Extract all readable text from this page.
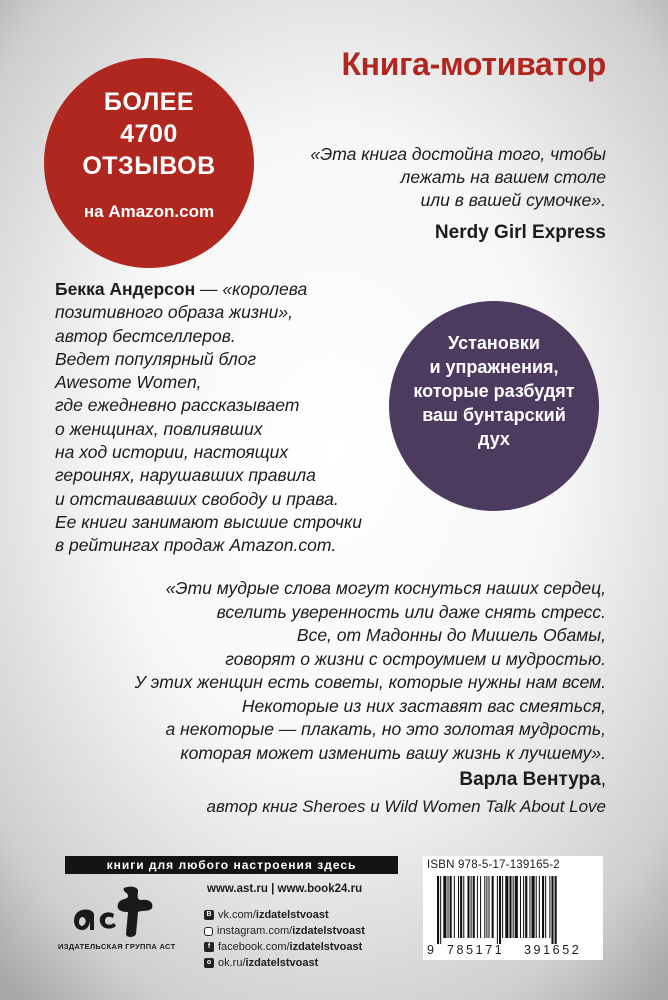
БОЛЕЕ
4700
ОТЗЫВОВ
на Amazon.com
Книга-мотиватор
«Эта книга достойна того, чтобы
лежать на вашем столе
или в вашей сумочке».
Nerdy Girl Express
Бекка Андерсон — «королева
позитивного образа жизни»,
автор бестселлеров.
Ведет популярный блог
Awesome Women,
где ежедневно рассказывает
о женщинах, повлиявших
на ход истории, настоящих
героинях, нарушавших правила
и отстаивавших свободу и права.
Ее книги занимают высшие строчки
в рейтингах продаж Amazon.com.
Установки
и упражнения,
которые разбудят
ваш бунтарский
дух
«Эти мудрые слова могут коснуться наших сердец,
вселить уверенность или даже снять стресс.
Все, от Мадонны до Мишель Обамы,
говорят о жизни с остроумием и мудростью.
У этих женщин есть советы, которые нужны нам всем.
Некоторые из них заставят вас смеяться,
а некоторые — плакать, но это золотая мудрость,
которая может изменить вашу жизнь к лучшему».
Варла Вентура,
автор книг Sheroes и Wild Women Talk About Love
книги для любого настроения здесь
ИЗДАТЕЛЬСКАЯ ГРУППА АСТ
www.ast.ru | www.book24.ru
B vk.com/ izdatelstvoast
instagram.com/ izdatelstvoast
f facebook.com/ izdatelstvoast
o ok.ru/ izdatelstvoast
ISBN 978-5-17-139165-2
9 785171 391652
